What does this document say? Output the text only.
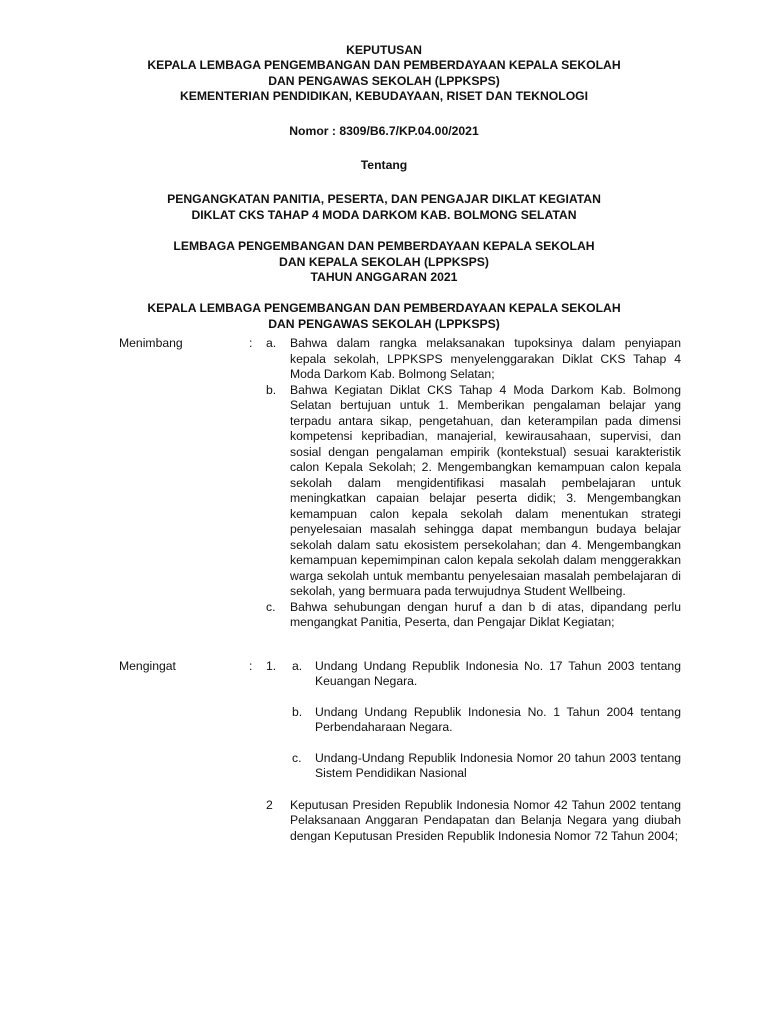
KEPUTUSAN

KEPALA LEMBAGA PENGEMBANGAN DAN PEMBERDAYAAN KEPALA SEKOLAH

DAN PENGAWAS SEKOLAH (LPPKSPS)

KEMENTERIAN PENDIDIKAN, KEBUDAYAAN, RISET DAN TEKNOLOGI

Nomor : 8309/B6.7/KP.04.00/2021

Tentang

PENGANGKATAN PANITIA, PESERTA, DAN PENGAJAR DIKLAT KEGIATAN

DIKLAT CKS TAHAP 4 MODA DARKOM KAB. BOLMONG SELATAN

LEMBAGA PENGEMBANGAN DAN PEMBERDAYAAN KEPALA SEKOLAH

DAN KEPALA SEKOLAH (LPPKSPS)

TAHUN ANGGARAN 2021

KEPALA LEMBAGA PENGEMBANGAN DAN PEMBERDAYAAN KEPALA SEKOLAH

DAN PENGAWAS SEKOLAH (LPPKSPS)

Menimbang	: a. Bahwa dalam rangka melaksanakan tupoksinya dalam penyiapan kepala sekolah, LPPKSPS menyelenggarakan Diklat CKS Tahap 4 Moda Darkom Kab. Bolmong Selatan;
b. Bahwa Kegiatan Diklat CKS Tahap 4 Moda Darkom Kab. Bolmong Selatan bertujuan untuk 1. Memberikan pengalaman belajar yang terpadu antara sikap, pengetahuan, dan keterampilan pada dimensi kompetensi kepribadian, manajerial, kewirausahaan, supervisi, dan sosial dengan pengalaman empirik (kontekstual) sesuai karakteristik calon Kepala Sekolah; 2. Mengembangkan kemampuan calon kepala sekolah dalam mengidentifikasi masalah pembelajaran untuk meningkatkan capaian belajar peserta didik; 3. Mengembangkan kemampuan calon kepala sekolah dalam menentukan strategi penyelesaian masalah sehingga dapat membangun budaya belajar sekolah dalam satu ekosistem persekolahan; dan 4. Mengembangkan kemampuan kepemimpinan calon kepala sekolah dalam menggerakkan warga sekolah untuk membantu penyelesaian masalah pembelajaran di sekolah, yang bermuara pada terwujudnya Student Wellbeing.
c. Bahwa sehubungan dengan huruf a dan b di atas, dipandang perlu mengangkat Panitia, Peserta, dan Pengajar Diklat Kegiatan;
Mengingat	: 1. a. Undang Undang Republik Indonesia No. 17 Tahun 2003 tentang Keuangan Negara.
b. Undang Undang Republik Indonesia No. 1 Tahun 2004 tentang Perbendaharaan Negara.
c. Undang-Undang Republik Indonesia Nomor 20 tahun 2003 tentang Sistem Pendidikan Nasional
2 Keputusan Presiden Republik Indonesia Nomor 42 Tahun 2002 tentang Pelaksanaan Anggaran Pendapatan dan Belanja Negara yang diubah dengan Keputusan Presiden Republik Indonesia Nomor 72 Tahun 2004;
